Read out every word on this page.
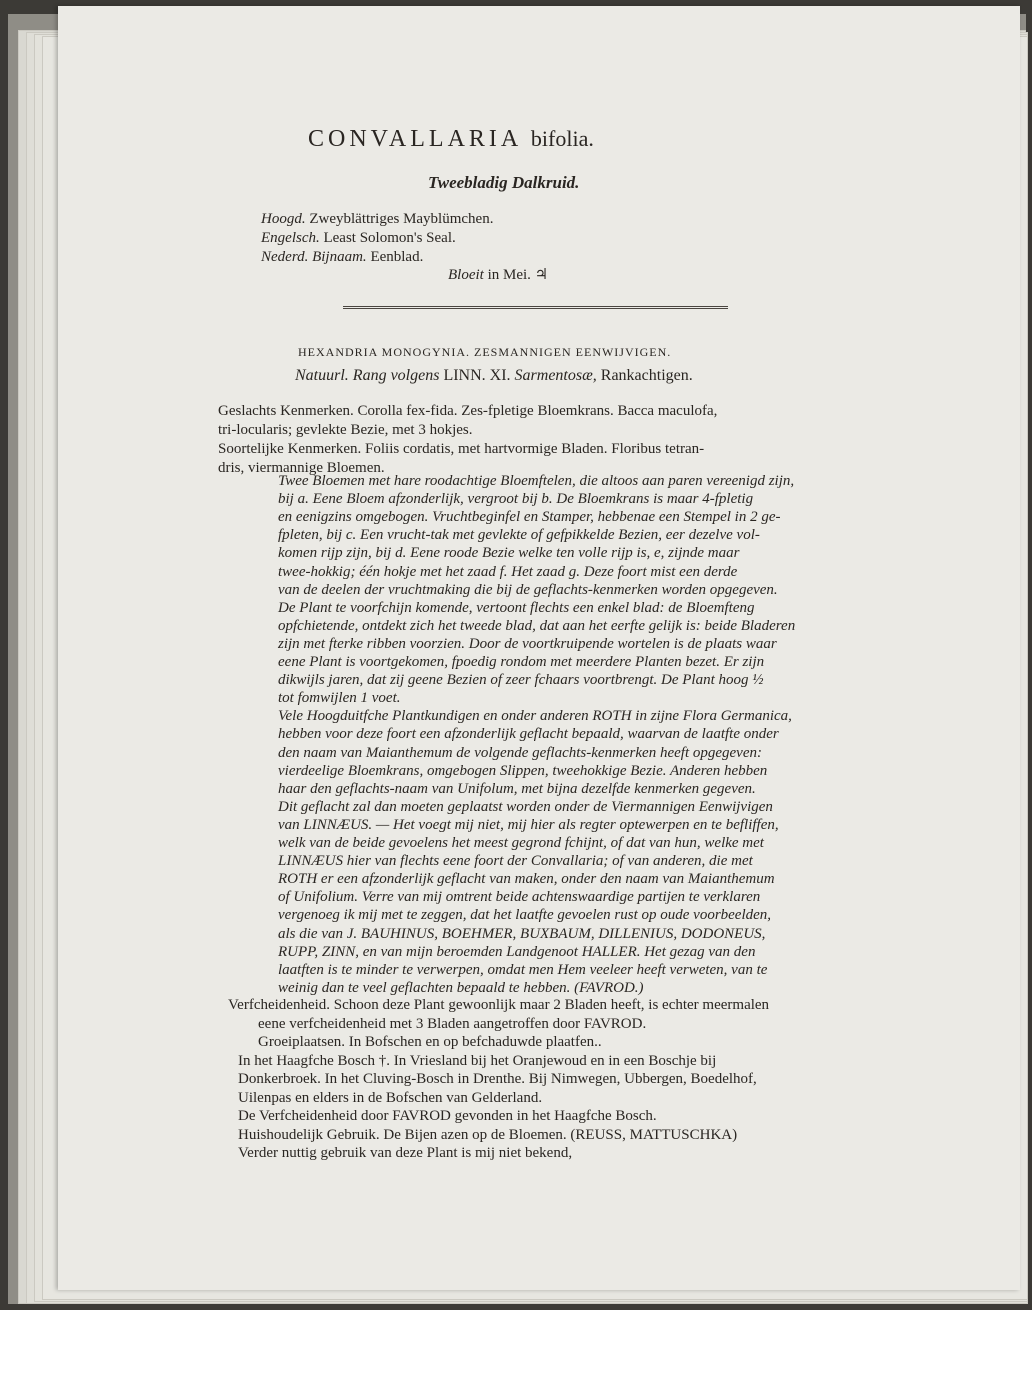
CONVALLARIA bifolia.
Tweebladig Dalkruid.
Hoogd. Zweyblättriges Mayblümchen.
Engelsch. Least Solomon's Seal.
Nederd. Bijnaam. Eenblad.
Bloeit in Mei. ♃
HEXANDRIA MONOGYNIA. ZESMANNIGEN EENWIJVIGEN.
Natuurl. Rang volgens LINN. XI. Sarmentosæ, Rankachtigen.
Geslachts Kenmerken. Corolla fex-fida. Zes-fpletige Bloemkrans. Bacca maculofa,
tri-locularis; gevlekte Bezie, met 3 hokjes.
Soortelijke Kenmerken. Foliis cordatis, met hartvormige Bladen. Floribus tetran-
dris, viermannige Bloemen.
Twee Bloemen met hare roodachtige Bloemftelen, die altoos aan paren vereenigd zijn,
bij a. Eene Bloem afzonderlijk, vergroot bij b. De Bloemkrans is maar 4-fpletig
en eenigzins omgebogen. Vruchtbeginfel en Stamper, hebbenae een Stempel in 2 ge-
fpleten, bij c. Een vrucht-tak met gevlekte of gefpikkelde Bezien, eer dezelve vol-
komen rijp zijn, bij d. Eene roode Bezie welke ten volle rijp is, e, zijnde maar
twee-hokkig; één hokje met het zaad f. Het zaad g. Deze foort mist een derde
van de deelen der vruchtmaking die bij de geflachts-kenmerken worden opgegeven.
De Plant te voorfchijn komende, vertoont flechts een enkel blad: de Bloemfteng
opfchietende, ontdekt zich het tweede blad, dat aan het eerfte gelijk is: beide Bladeren
zijn met fterke ribben voorzien. Door de voortkruipende wortelen is de plaats waar
eene Plant is voortgekomen, fpoedig rondom met meerdere Planten bezet. Er zijn
dikwijls jaren, dat zij geene Bezien of zeer fchaars voortbrengt. De Plant hoog ½
tot fomwijlen 1 voet.
Vele Hoogduitfche Plantkundigen en onder anderen ROTH in zijne Flora Germanica,
hebben voor deze foort een afzonderlijk geflacht bepaald, waarvan de laatfte onder
den naam van Maianthemum de volgende geflachts-kenmerken heeft opgegeven:
vierdeelige Bloemkrans, omgebogen Slippen, tweehokkige Bezie. Anderen hebben
haar den geflachts-naam van Unifolum, met bijna dezelfde kenmerken gegeven.
Dit geflacht zal dan moeten geplaatst worden onder de Viermannigen Eenwijvigen
van LINNÆUS. — Het voegt mij niet, mij hier als regter optewerpen en te befliffen,
welk van de beide gevoelens het meest gegrond fchijnt, of dat van hun, welke met
LINNÆUS hier van flechts eene foort der Convallaria; of van anderen, die met
ROTH er een afzonderlijk geflacht van maken, onder den naam van Maianthemum
of Unifolium. Verre van mij omtrent beide achtenswaardige partijen te verklaren
vergenoeg ik mij met te zeggen, dat het laatfte gevoelen rust op oude voorbeelden,
als die van J. BAUHINUS, BOEHMER, BUXBAUM, DILLENIUS, DODONEUS,
RUPP, ZINN, en van mijn beroemden Landgenoot HALLER. Het gezag van den
laatften is te minder te verwerpen, omdat men Hem veeleer heeft verweten, van te
weinig dan te veel geflachten bepaald te hebben. (FAVROD.)
Verfcheidenheid. Schoon deze Plant gewoonlijk maar 2 Bladen heeft, is echter meermalen
eene verfcheidenheid met 3 Bladen aangetroffen door FAVROD.
Groeiplaatsen. In Bofschen en op befchaduwde plaatfen..
In het Haagfche Bosch †. In Vriesland bij het Oranjewoud en in een Boschje bij
Donkerbroek. In het Cluving-Bosch in Drenthe. Bij Nimwegen, Ubbergen, Boedelhof,
Uilenpas en elders in de Bofschen van Gelderland.
De Verfcheidenheid door FAVROD gevonden in het Haagfche Bosch.
Huishoudelijk Gebruik. De Bijen azen op de Bloemen. (REUSS, MATTUSCHKA)
Verder nuttig gebruik van deze Plant is mij niet bekend,
